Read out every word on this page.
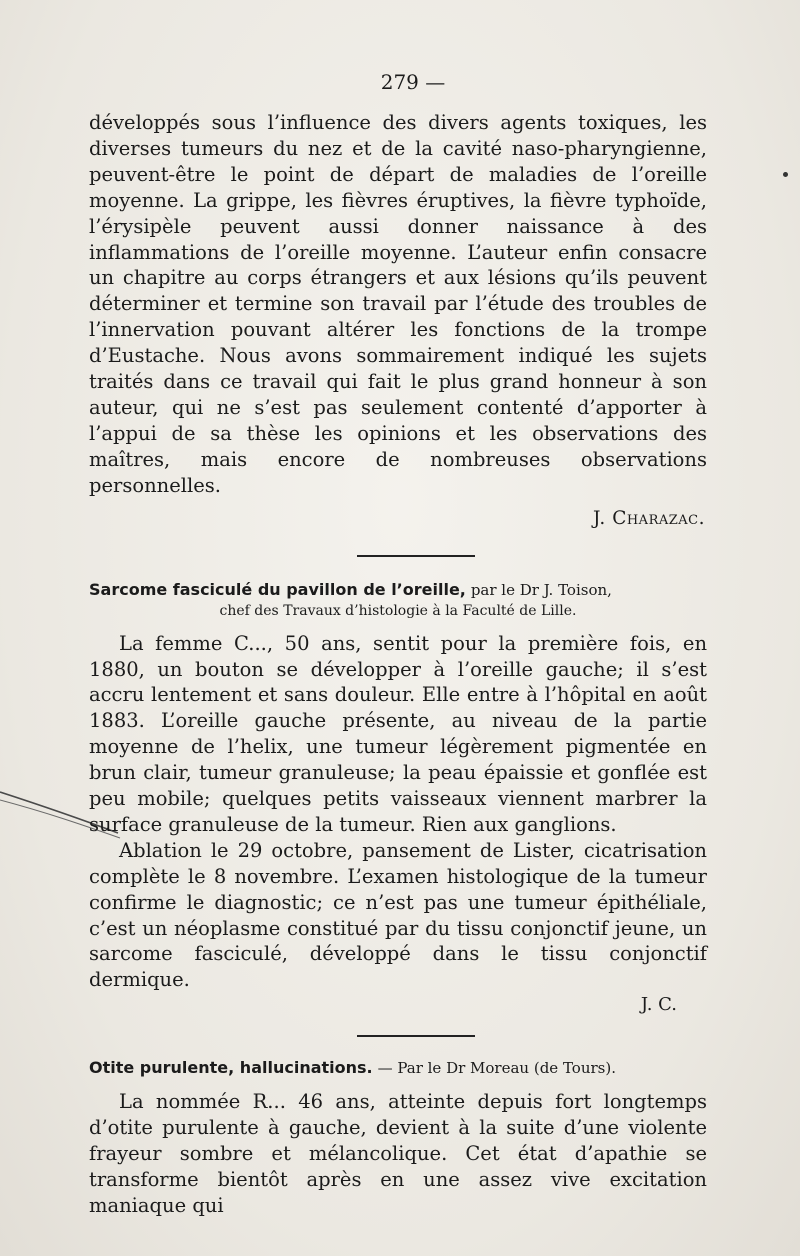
279 —

développés sous l’influence des divers agents toxiques, les diverses tumeurs du nez et de la cavité naso-pharyngienne, peuvent-être le point de départ de maladies de l’oreille moyenne. La grippe, les fièvres éruptives, la fièvre typhoïde, l’érysipèle peuvent aussi donner naissance à des inflammations de l’oreille moyenne. L’auteur enfin consacre un chapitre au corps étrangers et aux lésions qu’ils peuvent déterminer et termine son travail par l’étude des troubles de l’innervation pouvant altérer les fonctions de la trompe d’Eustache. Nous avons sommairement indiqué les sujets traités dans ce travail qui fait le plus grand honneur à son auteur, qui ne s’est pas seulement contenté d’apporter à l’appui de sa thèse les opinions et les observations des maîtres, mais encore de nombreuses observations personnelles.

J. Charazac.
Sarcome fasciculé du pavillon de l’oreille, par le Dr J. Toison,
chef des Travaux d’histologie à la Faculté de Lille.

La femme C..., 50 ans, sentit pour la première fois, en 1880, un bouton se développer à l’oreille gauche; il s’est accru lentement et sans douleur. Elle entre à l’hôpital en août 1883. L’oreille gauche présente, au niveau de la partie moyenne de l’helix, une tumeur légèrement pigmentée en brun clair, tumeur granuleuse; la peau épaissie et gonflée est peu mobile; quelques petits vaisseaux viennent marbrer la surface granuleuse de la tumeur. Rien aux ganglions.

Ablation le 29 octobre, pansement de Lister, cicatrisation complète le 8 novembre. L’examen histologique de la tumeur confirme le diagnostic; ce n’est pas une tumeur épithéliale, c’est un néoplasme constitué par du tissu conjonctif jeune, un sarcome fasciculé, développé dans le tissu conjonctif dermique.

J. C.
Otite purulente, hallucinations. — Par le Dr Moreau (de Tours).

La nommée R... 46 ans, atteinte depuis fort longtemps d’otite purulente à gauche, devient à la suite d’une violente frayeur sombre et mélancolique. Cet état d’apathie se transforme bientôt après en une assez vive excitation maniaque qui
